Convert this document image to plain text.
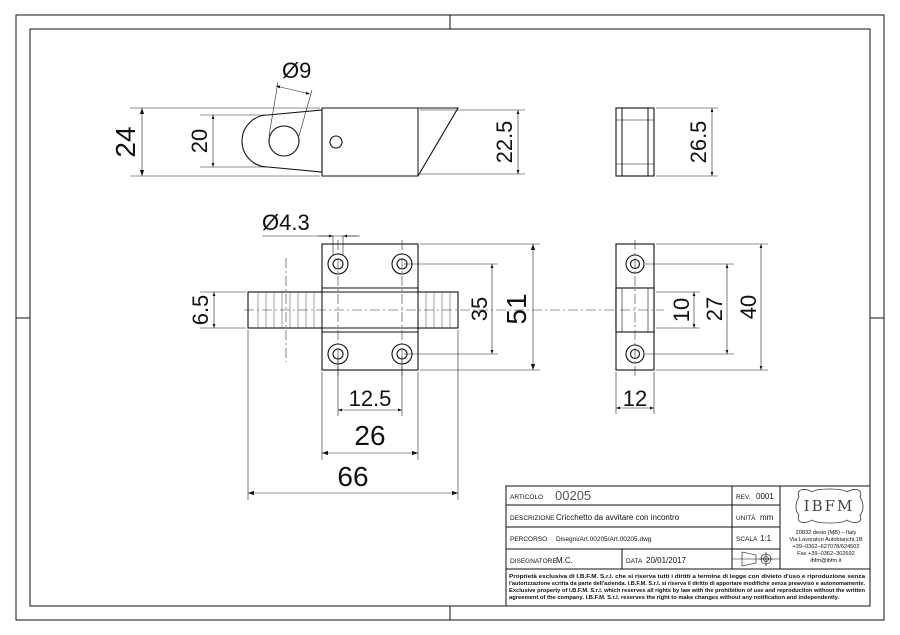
Ø9
24 20	22.5	26.5
Ø4.3
6.5	35 51
12.5
26
66
10 27 40
12
ARTICOLO 00205	REV. 0001
DESCRIZIONE Cricchetto da avvitare con incontro	UNITÀ mm
PERCORSO Disegni/Art.00205/Art.00205.dwg	SCALA 1:1
DISEGNATORE M.C.	DATA 20/01/2017
IBFM
20832 desio (MB) – Italy
Via Lavoratori Autobianchi,1B
+39–0362–627078/624502
Fax +39–0362–302692
ibfm@ibfm.it
Proprietà esclusiva di I.B.F.M. S.r.l. che si riserva tutti i diritti a termine di legge con divieto d'uso e riproduzione senza
l'autorizzazione scritta da parte dell'azienda. I.B.F.M. S.r.l. si riserva il diritto di apportare modifiche senza preavviso e autonomamente.
Exclusive property of I.B.F.M. S.r.l. which reserves all rights by law with the prohibition of use and reproduction without the written
agreement of the company. I.B.F.M. S.r.l. reserves the right to make changes without any notification and independently.
